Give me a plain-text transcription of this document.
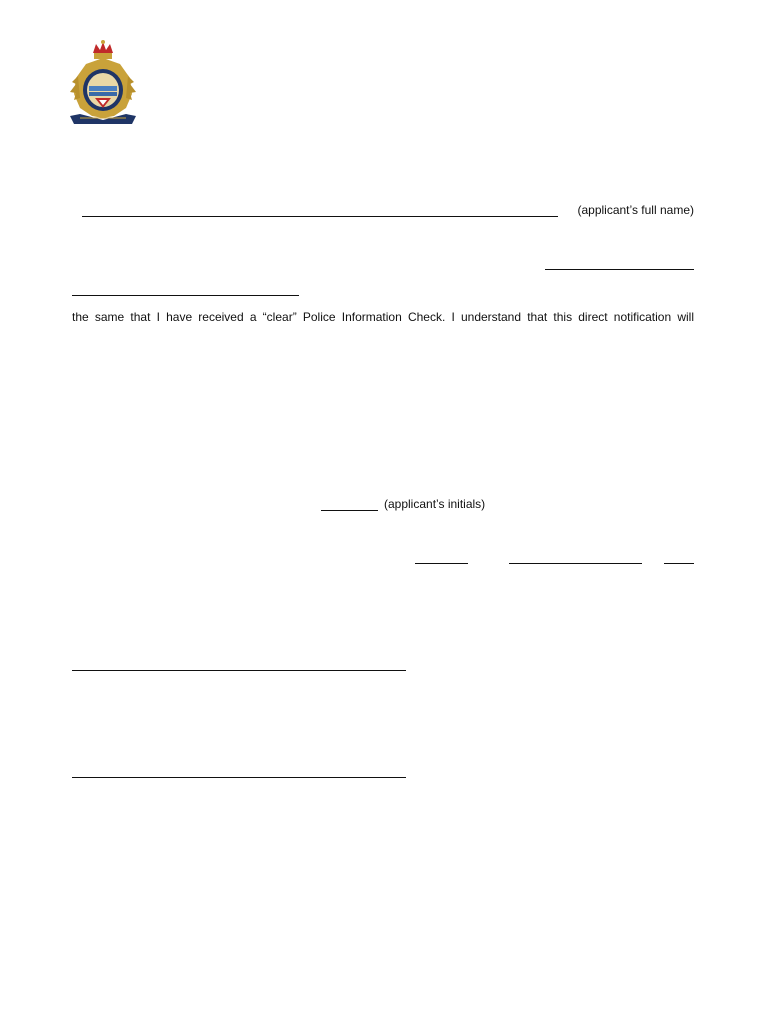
(applicant’s full name)
the same that I have received a “clear” Police Information Check. I understand that this direct notification will
(applicant’s initials)
